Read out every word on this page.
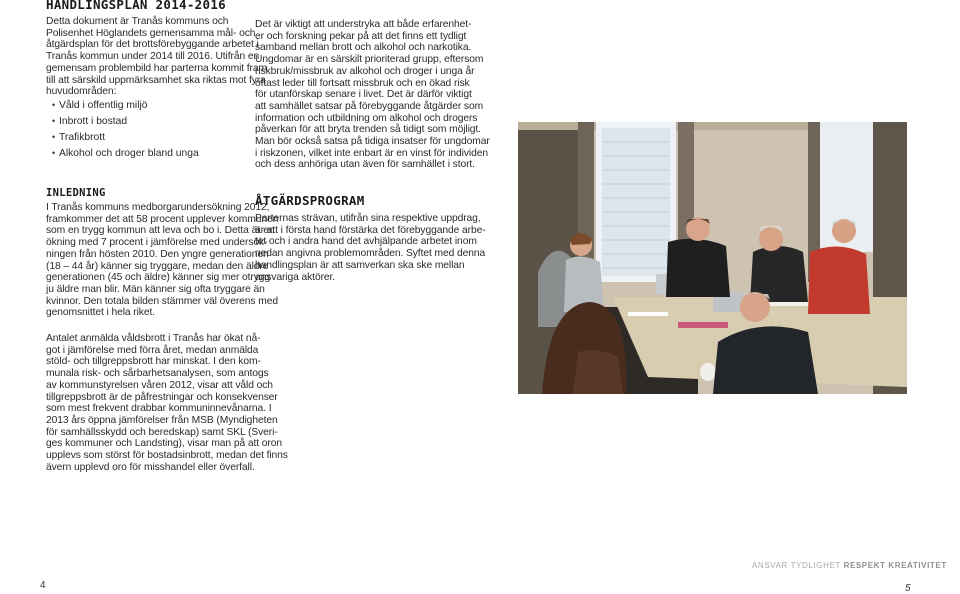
HANDLINGSPLAN 2014-2016

Detta dokument är Tranås kommuns och
Polisenhet Höglandets gemensamma mål- och
åtgärdsplan för det brottsförebyggande arbetet i
Tranås kommun under 2014 till 2016. Utifrån en
gemensam problembild har parterna kommit fram
till att särskild uppmärksamhet ska riktas mot fyra
huvudområden:

• Våld i offentlig miljö
• Inbrott i bostad
• Trafikbrott
• Alkohol och droger bland unga
INLEDNING

I Tranås kommuns medborgarundersökning 2012,
framkommer det att 58 procent upplever kommunen
som en trygg kommun att leva och bo i. Detta är en
ökning med 7 procent i jämförelse med undersök-
ningen från hösten 2010. Den yngre generationen
(18 – 44 år) känner sig tryggare, medan den äldre
generationen (45 och äldre) känner sig mer otrygg
ju äldre man blir. Män känner sig ofta tryggare än
kvinnor. Den totala bilden stämmer väl överens med
genomsnittet i hela riket.

Antalet anmälda våldsbrott i Tranås har ökat nå-
got i jämförelse med förra året, medan anmälda
stöld- och tillgreppsbrott har minskat. I den kom-
munala risk- och sårbarhetsanalysen, som antogs
av kommunstyrelsen våren 2012, visar att våld och
tillgreppsbrott är de påfrestningar och konsekvenser
som mest frekvent drabbar kommuninnevånarna. I
2013 års öppna jämförelser från MSB (Myndigheten
för samhällsskydd och beredskap) samt SKL (Sveri-
ges kommuner och Landsting), visar man på att oron
upplevs som störst för bostadsinbrott, medan det finns
ävern upplevd oro för misshandel eller överfall.

Det är viktigt att understryka att både erfarenhet-
er och forskning pekar på att det finns ett tydligt
samband mellan brott och alkohol och narkotika.
Ungdomar är en särskilt prioriterad grupp, eftersom
riskbruk/missbruk av alkohol och droger i unga år
oftast leder till fortsatt missbruk och en ökad risk
för utanförskap senare i livet. Det är därför viktigt
att samhället satsar på förebyggande åtgärder som
information och utbildning om alkohol och drogers
påverkan för att bryta trenden så tidigt som möjligt.
Man bör också satsa på tidiga insatser för ungdomar
i riskzonen, vilket inte enbart är en vinst för individen
och dess anhöriga utan även för samhället i stort.

ÅTGÄRDSPROGRAM

Parternas strävan, utifrån sina respektive uppdrag,
är att i första hand förstärka det förebyggande arbe-
tet och i andra hand det avhjälpande arbetet inom
nedan angivna problemområden. Syftet med denna
handlingsplan är att samverkan ska ske mellan
ansvariga aktörer.

4
ANSVAR TYDLIGHET RESPEKT KREATIVITET
5
